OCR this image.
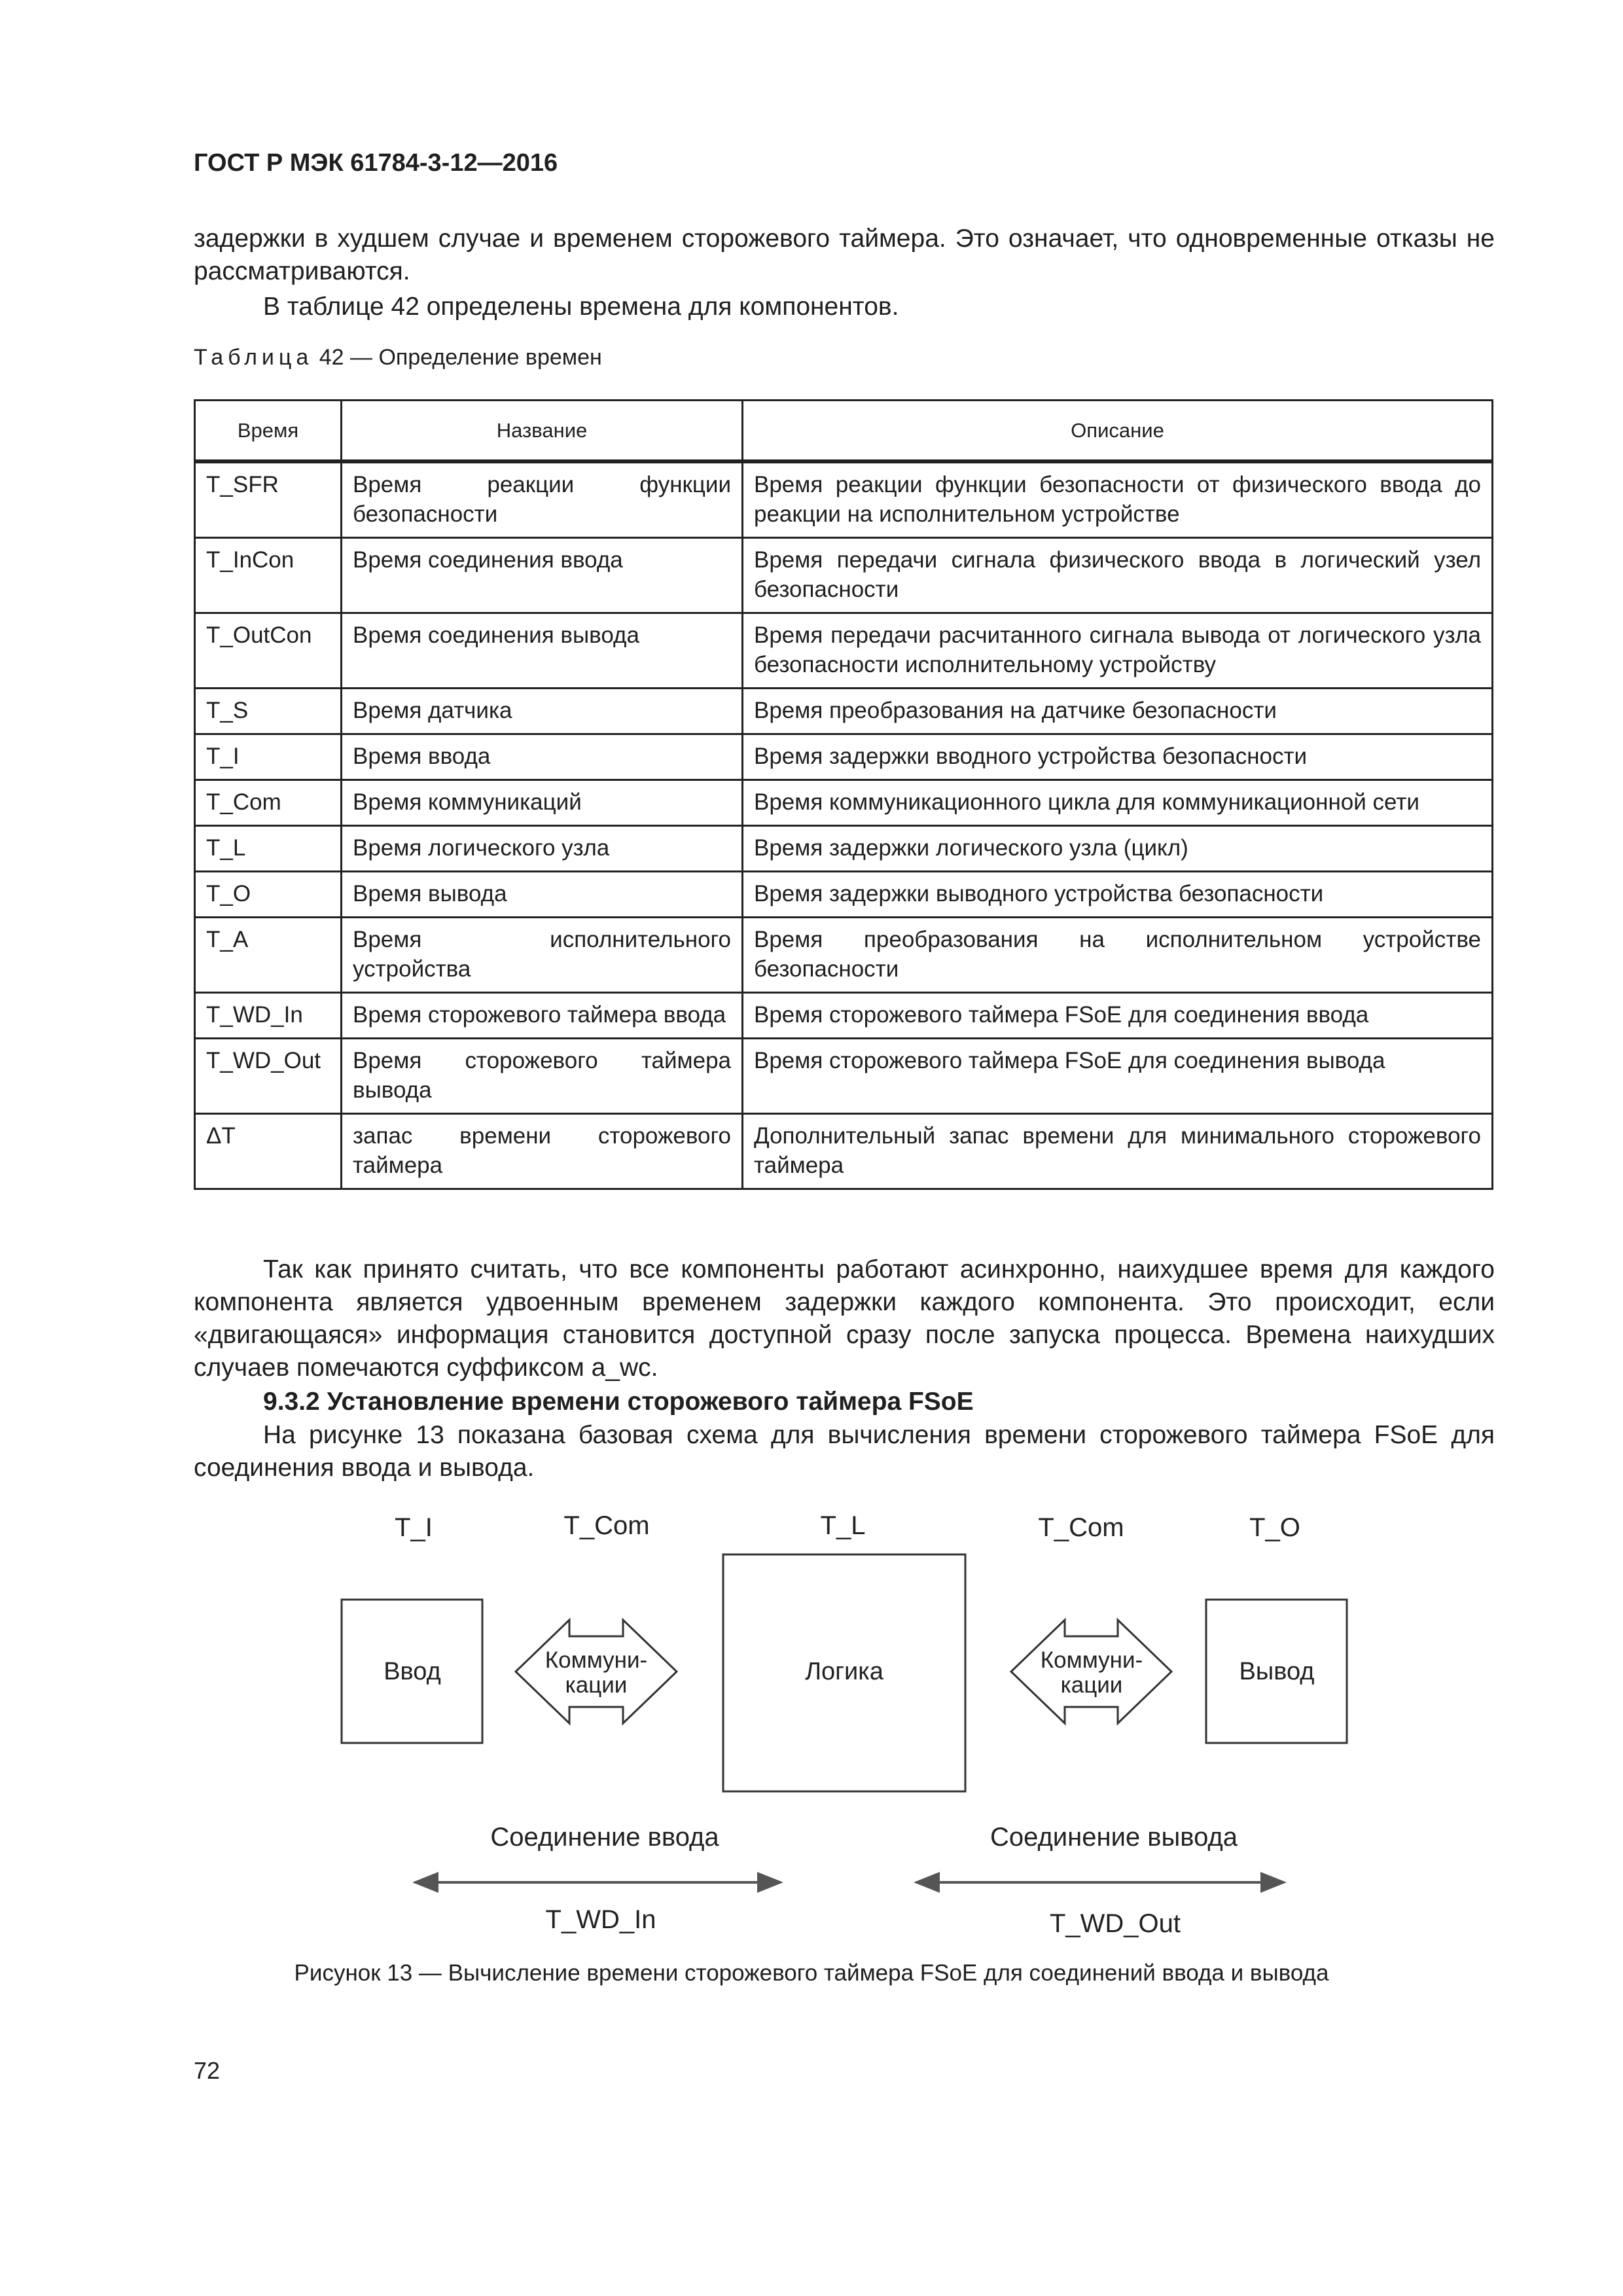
ГОСТ Р МЭК 61784-3-12—2016

задержки в худшем случае и временем сторожевого таймера. Это означает, что одновременные отказы не рассматриваются.

В таблице 42 определены времена для компонентов.

Таблица 42 — Определение времен
Время	Название	Описание
T_SFR	Время реакции функции безопасности	Время реакции функции безопасности от физического ввода до реакции на исполнительном устройстве
T_InCon	Время соединения ввода	Время передачи сигнала физического ввода в логический узел безопасности
T_OutCon	Время соединения вывода	Время передачи расчитанного сигнала вывода от логического узла безопасности исполнительному устройству
T_S	Время датчика	Время преобразования на датчике безопасности
T_I	Время ввода	Время задержки вводного устройства безопасности
T_Com	Время коммуникаций	Время коммуникационного цикла для коммуникационной сети
T_L	Время логического узла	Время задержки логического узла (цикл)
T_O	Время вывода	Время задержки выводного устройства безопасности
T_A	Время исполнительного устройства	Время преобразования на исполнительном устройстве безопасности
T_WD_In	Время сторожевого таймера ввода	Время сторожевого таймера FSoE для соединения ввода
T_WD_Out	Время сторожевого таймера вывода	Время сторожевого таймера FSoE для соединения вывода
ΔT	запас времени сторожевого таймера	Дополнительный запас времени для минимального сторожевого таймера

Так как принято считать, что все компоненты работают асинхронно, наихудшее время для каждого компонента является удвоенным временем задержки каждого компонента. Это происходит, если «двигающаяся» информация становится доступной сразу после запуска процесса. Времена наихудших случаев помечаются суффиксом a_wc.

9.3.2 Установление времени сторожевого таймера FSoE

На рисунке 13 показана базовая схема для вычисления времени сторожевого таймера FSoE для соединения ввода и вывода.

T_I	T_Com	T_L	T_Com	T_O
Ввод	Коммуни-
кации	Логика	Коммуни-
кации	Вывод
Соединение ввода	Соединение вывода
T_WD_In	T_WD_Out
Рисунок 13 — Вычисление времени сторожевого таймера FSoE для соединений ввода и вывода
72
